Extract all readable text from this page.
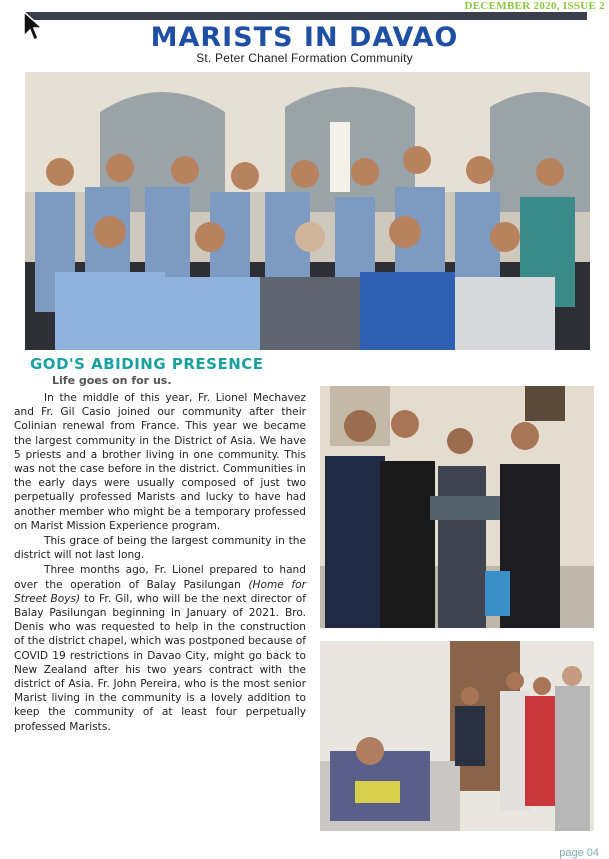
DECEMBER 2020, ISSUE 2
MARISTS IN DAVAO
St. Peter Chanel Formation Community
GOD'S ABIDING PRESENCE
Life goes on for us.

In the middle of this year, Fr. Lionel Mechavez and Fr. Gil Casio joined our community after their Colinian renewal from France. This year we became the largest community in the District of Asia. We have 5 priests and a brother living in one community. This was not the case before in the district. Communities in the early days were usually composed of just two perpetually professed Marists and lucky to have had another member who might be a temporary professed on Marist Mission Experience program.

This grace of being the largest community in the district will not last long.

Three months ago, Fr. Lionel prepared to hand over the operation of Balay Pasilungan (Home for Street Boys) to Fr. Gil, who will be the next director of Balay Pasilungan beginning in January of 2021. Bro. Denis who was requested to help in the construction of the district chapel, which was postponed because of COVID 19 restrictions in Davao City, might go back to New Zealand after his two years contract with the district of Asia. Fr. John Pereira, who is the most senior Marist living in the community is a lovely addition to keep the community of at least four perpetually professed Marists.

page 04
